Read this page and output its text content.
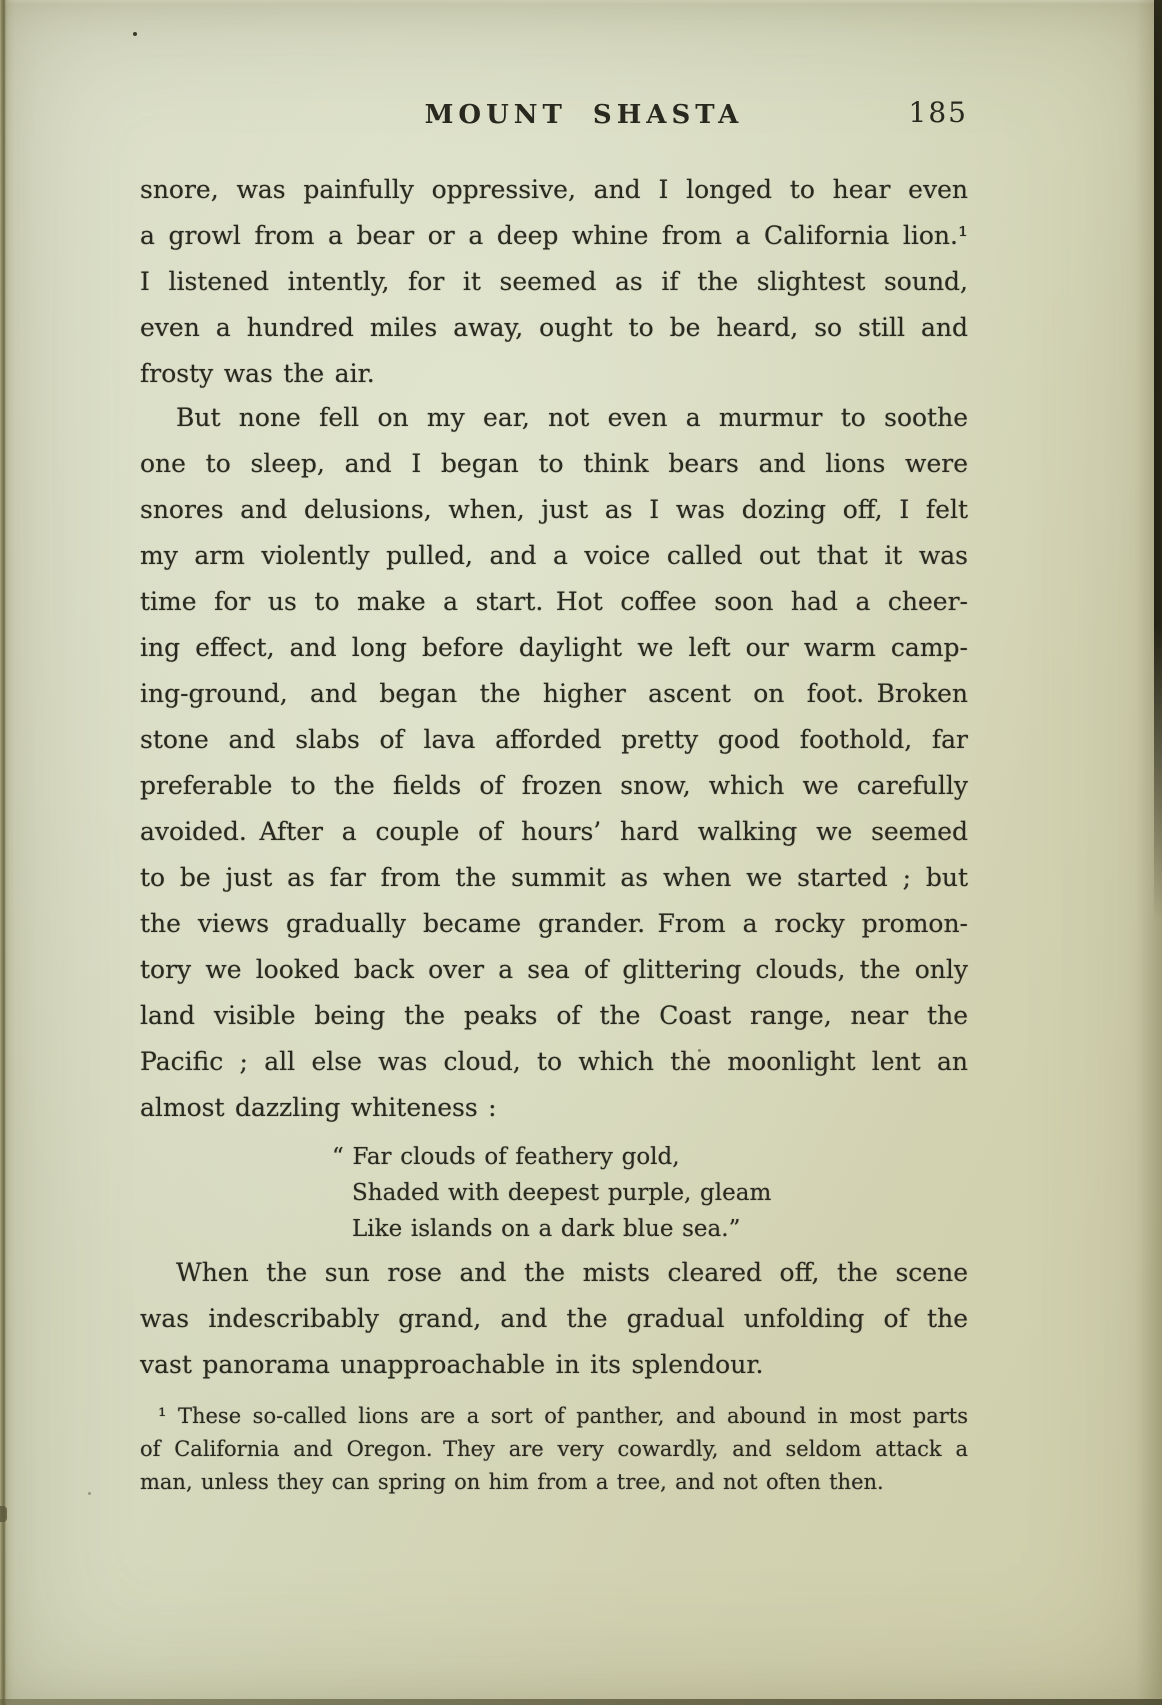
MOUNT SHASTA	185
snore, was painfully oppressive, and I longed to hear even
a growl from a bear or a deep whine from a California lion.¹
I listened intently, for it seemed as if the slightest sound,
even a hundred miles away, ought to be heard, so still and
frosty was the air.
But none fell on my ear, not even a murmur to soothe
one to sleep, and I began to think bears and lions were
snores and delusions, when, just as I was dozing off, I felt
my arm violently pulled, and a voice called out that it was
time for us to make a start. Hot coffee soon had a cheer-
ing effect, and long before daylight we left our warm camp-
ing-ground, and began the higher ascent on foot. Broken
stone and slabs of lava afforded pretty good foothold, far
preferable to the fields of frozen snow, which we carefully
avoided. After a couple of hours’ hard walking we seemed
to be just as far from the summit as when we started ; but
the views gradually became grander. From a rocky promon-
tory we looked back over a sea of glittering clouds, the only
land visible being the peaks of the Coast range, near the
Pacific ; all else was cloud, to which the moonlight lent an
almost dazzling whiteness :
“ Far clouds of feathery gold,
Shaded with deepest purple, gleam
Like islands on a dark blue sea.”
When the sun rose and the mists cleared off, the scene
was indescribably grand, and the gradual unfolding of the
vast panorama unapproachable in its splendour.
¹ These so-called lions are a sort of panther, and abound in most parts
of California and Oregon. They are very cowardly, and seldom attack a
man, unless they can spring on him from a tree, and not often then.
